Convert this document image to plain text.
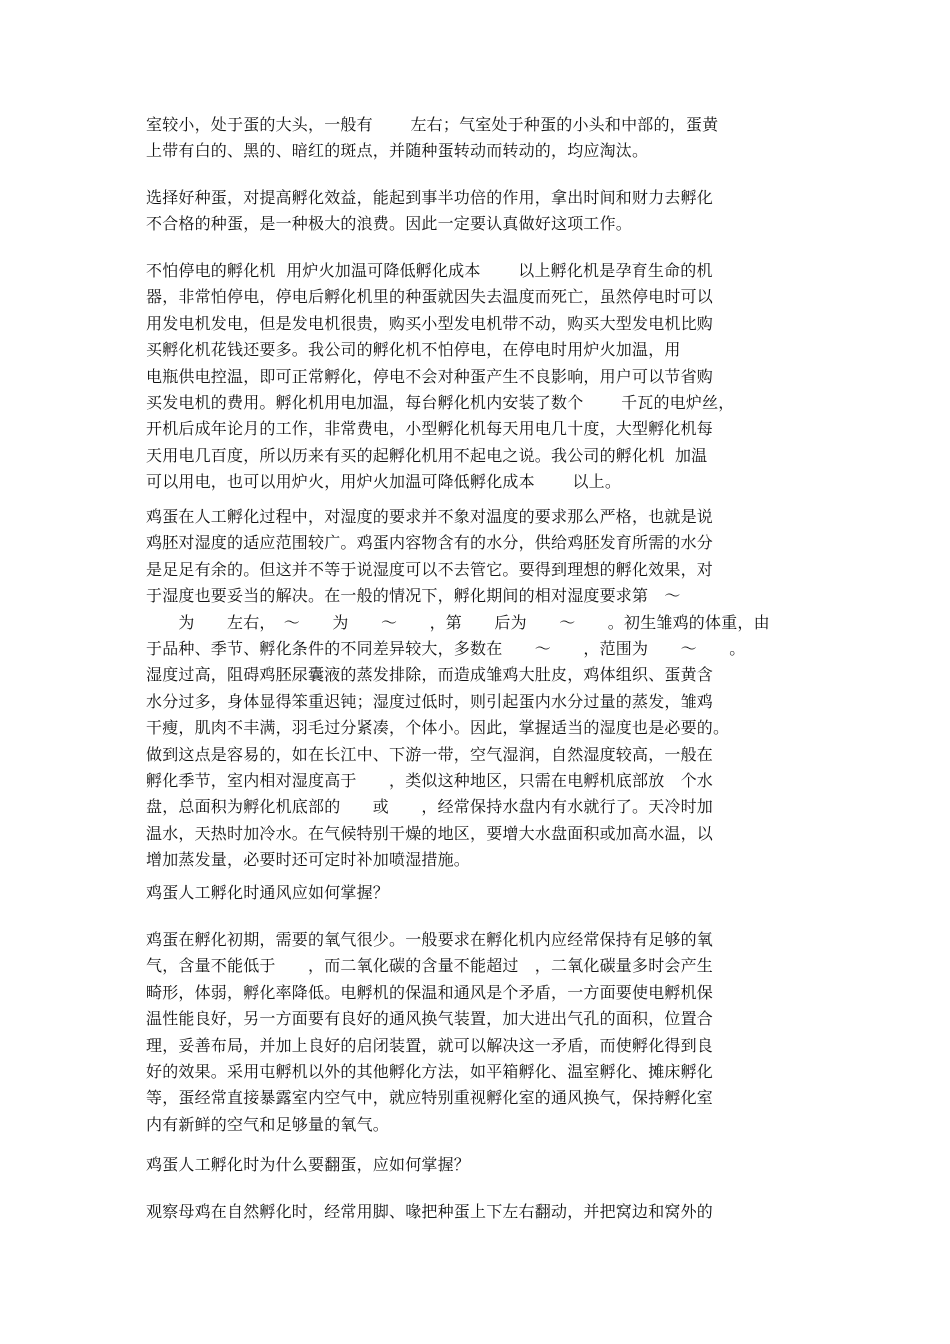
室较小，处于蛋的大头，一般有　　 左右；气室处于种蛋的小头和中部的，蛋黄
上带有白的、黑的、暗红的斑点，并随种蛋转动而转动的，均应淘汰。
选择好种蛋，对提高孵化效益，能起到事半功倍的作用，拿出时间和财力去孵化
不合格的种蛋，是一种极大的浪费。因此一定要认真做好这项工作。
不怕停电的孵化机  用炉火加温可降低孵化成本　　 以上孵化机是孕育生命的机
器，非常怕停电，停电后孵化机里的种蛋就因失去温度而死亡，虽然停电时可以
用发电机发电，但是发电机很贵，购买小型发电机带不动，购买大型发电机比购
买孵化机花钱还要多。我公司的孵化机不怕停电，在停电时用炉火加温，用　
电瓶供电控温，即可正常孵化，停电不会对种蛋产生不良影响，用户可以节省购
买发电机的费用。孵化机用电加温，每台孵化机内安装了数个　　 千瓦的电炉丝，
开机后成年论月的工作，非常费电，小型孵化机每天用电几十度，大型孵化机每
天用电几百度，所以历来有买的起孵化机用不起电之说。我公司的孵化机  加温
可以用电，也可以用炉火，用炉火加温可降低孵化成本　　 以上。
鸡蛋在人工孵化过程中，对湿度的要求并不象对温度的要求那么严格，也就是说
鸡胚对湿度的适应范围较广。鸡蛋内容物含有的水分，供给鸡胚发育所需的水分
是足足有余的。但这并不等于说湿度可以不去管它。要得到理想的孵化效果，对
于湿度也要妥当的解决。在一般的情况下，孵化期间的相对湿度要求第　～　
　　为　　左右，　～　　为　　～　　，第　　后为　　～　　。初生雏鸡的体重，由
于品种、季节、孵化条件的不同差异较大，多数在　　～　　，范围为　　～　　。
湿度过高，阻碍鸡胚尿囊液的蒸发排除，而造成雏鸡大肚皮，鸡体组织、蛋黄含
水分过多，身体显得笨重迟钝；湿度过低时，则引起蛋内水分过量的蒸发，雏鸡
干瘦，肌肉不丰满，羽毛过分紧凑，个体小。因此，掌握适当的湿度也是必要的。
做到这点是容易的，如在长江中、下游一带，空气湿润，自然湿度较高，一般在
孵化季节，室内相对湿度高于　　，类似这种地区，只需在电孵机底部放　个水
盘，总面积为孵化机底部的　　或　　，经常保持水盘内有水就行了。天冷时加
温水，天热时加冷水。在气候特别干燥的地区，要增大水盘面积或加高水温，以
增加蒸发量，必要时还可定时补加喷湿措施。
鸡蛋人工孵化时通风应如何掌握？
鸡蛋在孵化初期，需要的氧气很少。一般要求在孵化机内应经常保持有足够的氧
气，含量不能低于　　，而二氧化碳的含量不能超过　，二氧化碳量多时会产生
畸形，体弱，孵化率降低。电孵机的保温和通风是个矛盾，一方面要使电孵机保
温性能良好，另一方面要有良好的通风换气装置，加大进出气孔的面积，位置合
理，妥善布局，并加上良好的启闭装置，就可以解决这一矛盾，而使孵化得到良
好的效果。采用屯孵机以外的其他孵化方法，如平箱孵化、温室孵化、摊床孵化
等，蛋经常直接暴露室内空气中，就应特别重视孵化室的通风换气，保持孵化室
内有新鲜的空气和足够量的氧气。
鸡蛋人工孵化时为什么要翻蛋，应如何掌握？
观察母鸡在自然孵化时，经常用脚、喙把种蛋上下左右翻动，并把窝边和窝外的
